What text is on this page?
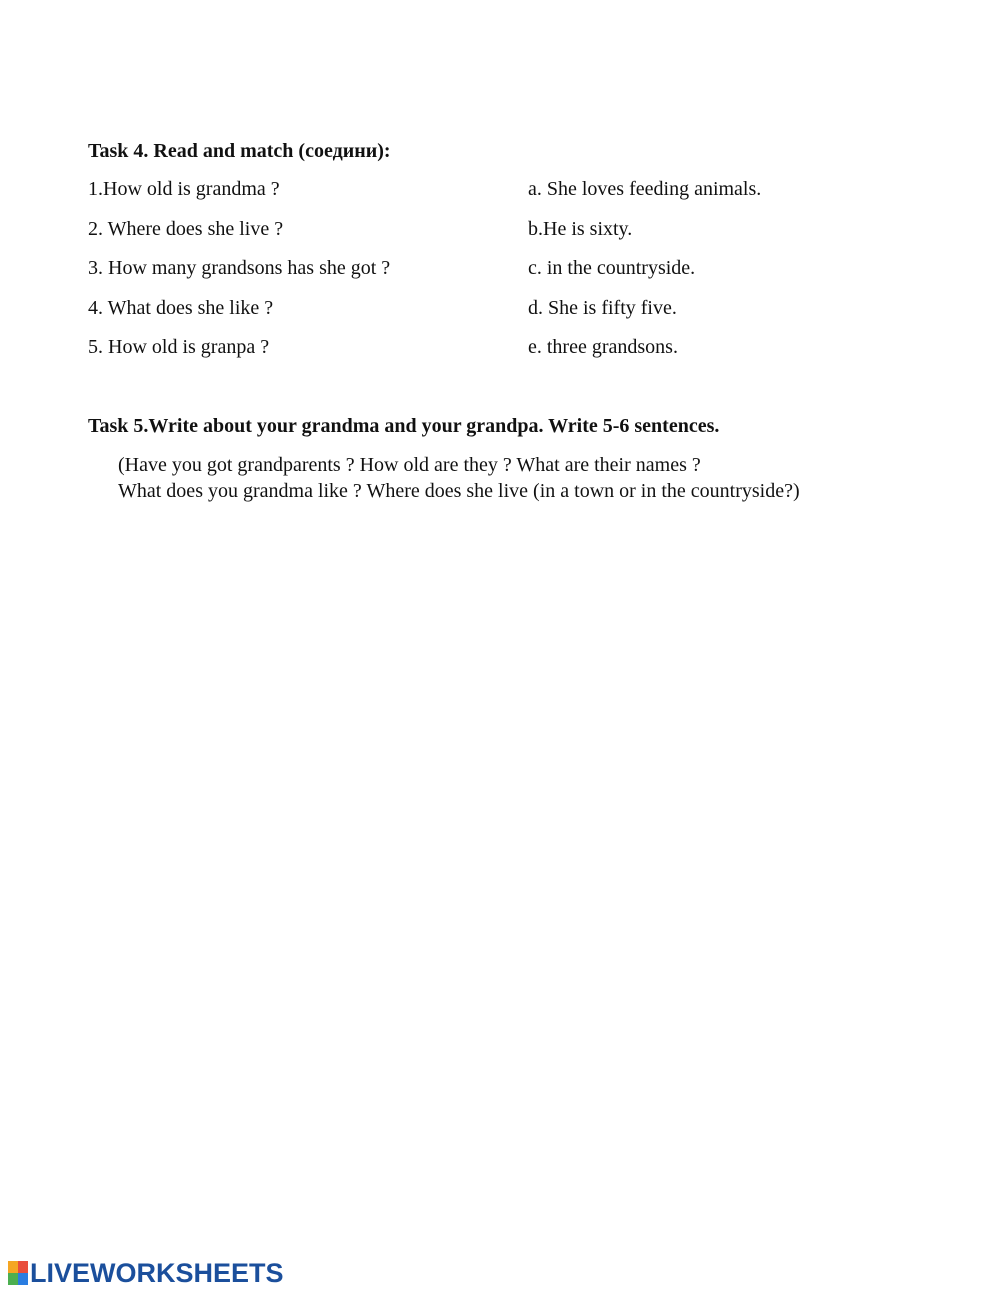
Task 4. Read and match (соедини):
1.How old is grandma ?
2. Where does she live ?
3. How many grandsons has she got ?
4. What does she like ?
5. How old is granpa ?
a. She loves feeding animals.
b.He is sixty.
c. in the countryside.
d. She is fifty five.
e. three grandsons.
Task 5.Write about your grandma and your grandpa. Write 5-6 sentences.
(Have you got grandparents ? How old are they ? What are their names ?
What does you grandma like ? Where does she live (in a town or in the countryside?)
LIVEWORKSHEETS
